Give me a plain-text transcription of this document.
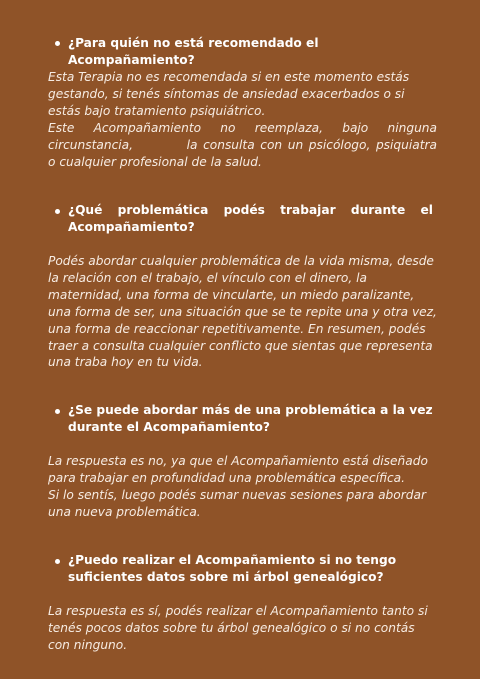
¿Para quién no está recomendado el Acompañamiento?

Esta Terapia no es recomendada si en este momento estás gestando, si tenés síntomas de ansiedad exacerbados o si estás bajo tratamiento psiquiátrico.

Este Acompañamiento no reemplaza, bajo ninguna circunstancia,	la consulta con un psicólogo, psiquiatra o cualquier profesional de la salud.

¿Qué problemática podés trabajar durante el Acompañamiento?

Podés abordar cualquier problemática de la vida misma, desde la relación con el trabajo, el vínculo con el dinero, la maternidad, una forma de vincularte, un miedo paralizante, una forma de ser, una situación que se te repite una y otra vez, una forma de reaccionar repetitivamente. En resumen, podés traer a consulta cualquier conflicto que sientas que representa una traba hoy en tu vida.

¿Se puede abordar más de una problemática a la vez durante el Acompañamiento?

La respuesta es no, ya que el Acompañamiento está diseñado para trabajar en profundidad una problemática específica.

Si lo sentís, luego podés sumar nuevas sesiones para abordar una nueva problemática.

¿Puedo realizar el Acompañamiento si no tengo suficientes datos sobre mi árbol genealógico?

La respuesta es sí, podés realizar el Acompañamiento tanto si tenés pocos datos sobre tu árbol genealógico o si no contás con ninguno.
